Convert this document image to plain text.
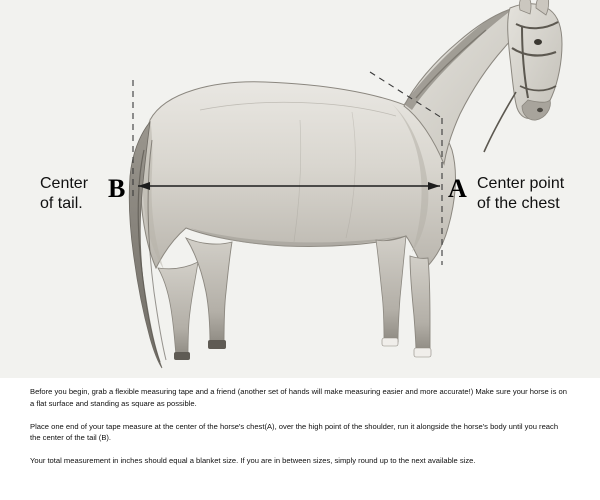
Center
of tail.
Center point
of the chest
B	A

Before you begin, grab a flexible measuring tape and a friend (another set of hands will make measuring easier and more accurate!) Make sure your horse is on a flat surface and standing as square as possible.

Place one end of your tape measure at the center of the horse's chest(A), over the high point of the shoulder, run it alongside the horse's body until you reach the center of the tail (B).

Your total measurement in inches should equal a blanket size. If you are in between sizes, simply round up to the next available size.
